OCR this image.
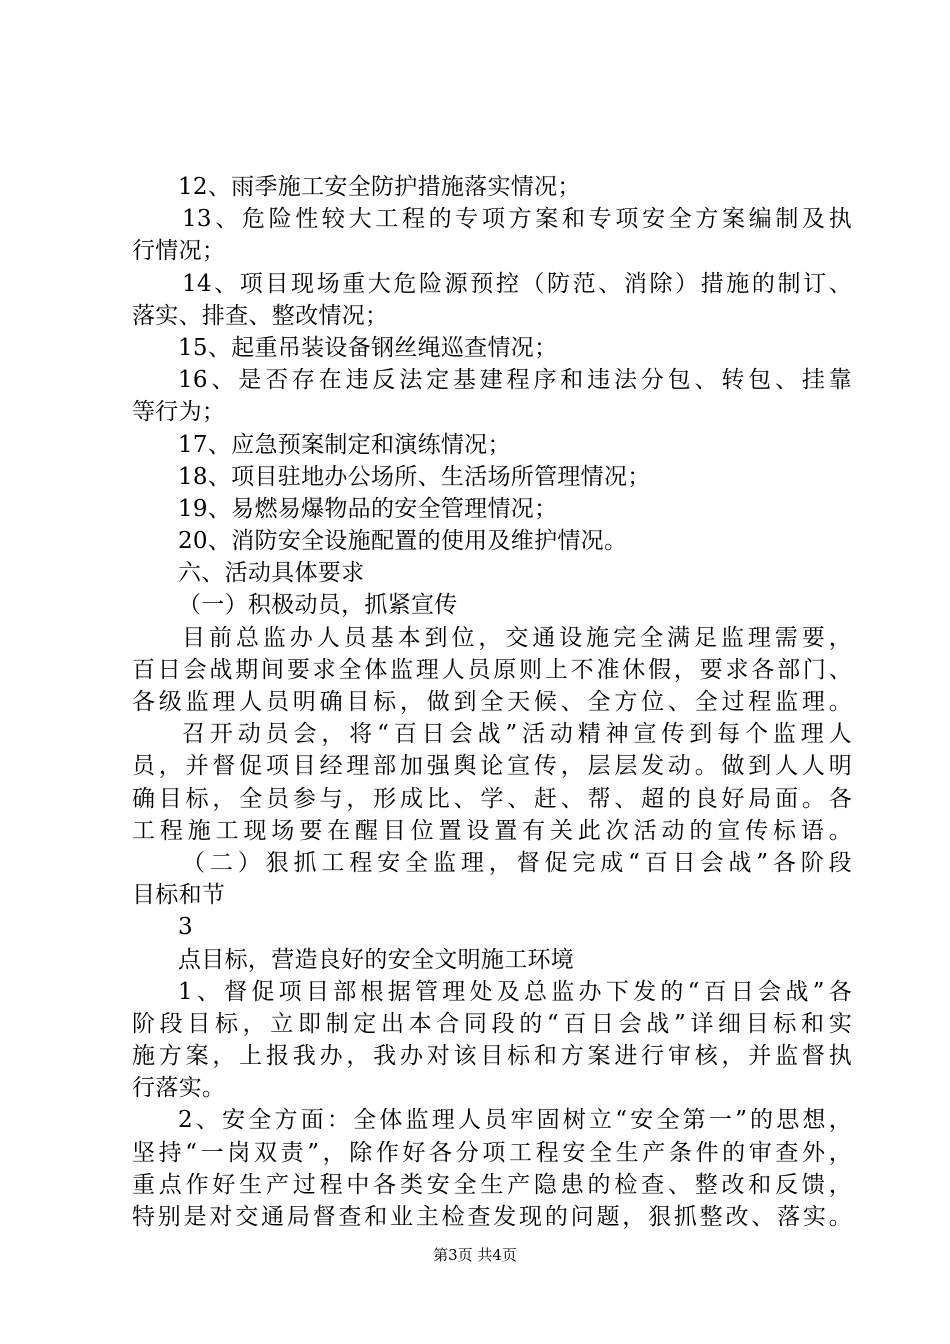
12、雨季施工安全防护措施落实情况；
13、危险性较大工程的专项方案和专项安全方案编制及执
行情况；
14、项目现场重大危险源预控（防范、消除）措施的制订、
落实、排查、整改情况；
15、起重吊装设备钢丝绳巡查情况；
16、是否存在违反法定基建程序和违法分包、转包、挂靠
等行为；
17、应急预案制定和演练情况；
18、项目驻地办公场所、生活场所管理情况；
19、易燃易爆物品的安全管理情况；
20、消防安全设施配置的使用及维护情况。
六、活动具体要求
（一）积极动员，抓紧宣传
目前总监办人员基本到位，交通设施完全满足监理需要，
百日会战期间要求全体监理人员原则上不准休假，要求各部门、
各级监理人员明确目标，做到全天候、全方位、全过程监理。
召开动员会，将“百日会战”活动精神宣传到每个监理人
员，并督促项目经理部加强舆论宣传，层层发动。做到人人明
确目标，全员参与，形成比、学、赶、帮、超的良好局面。各
工程施工现场要在醒目位置设置有关此次活动的宣传标语。
（二）狠抓工程安全监理，督促完成“百日会战”各阶段
目标和节
3
点目标，营造良好的安全文明施工环境
1、督促项目部根据管理处及总监办下发的“百日会战”各
阶段目标，立即制定出本合同段的“百日会战”详细目标和实
施方案，上报我办，我办对该目标和方案进行审核，并监督执
行落实。
2、安全方面：全体监理人员牢固树立“安全第一”的思想，
坚持“一岗双责”，除作好各分项工程安全生产条件的审查外，
重点作好生产过程中各类安全生产隐患的检查、整改和反馈，
特别是对交通局督查和业主检查发现的问题，狠抓整改、落实。
第3页 共4页
